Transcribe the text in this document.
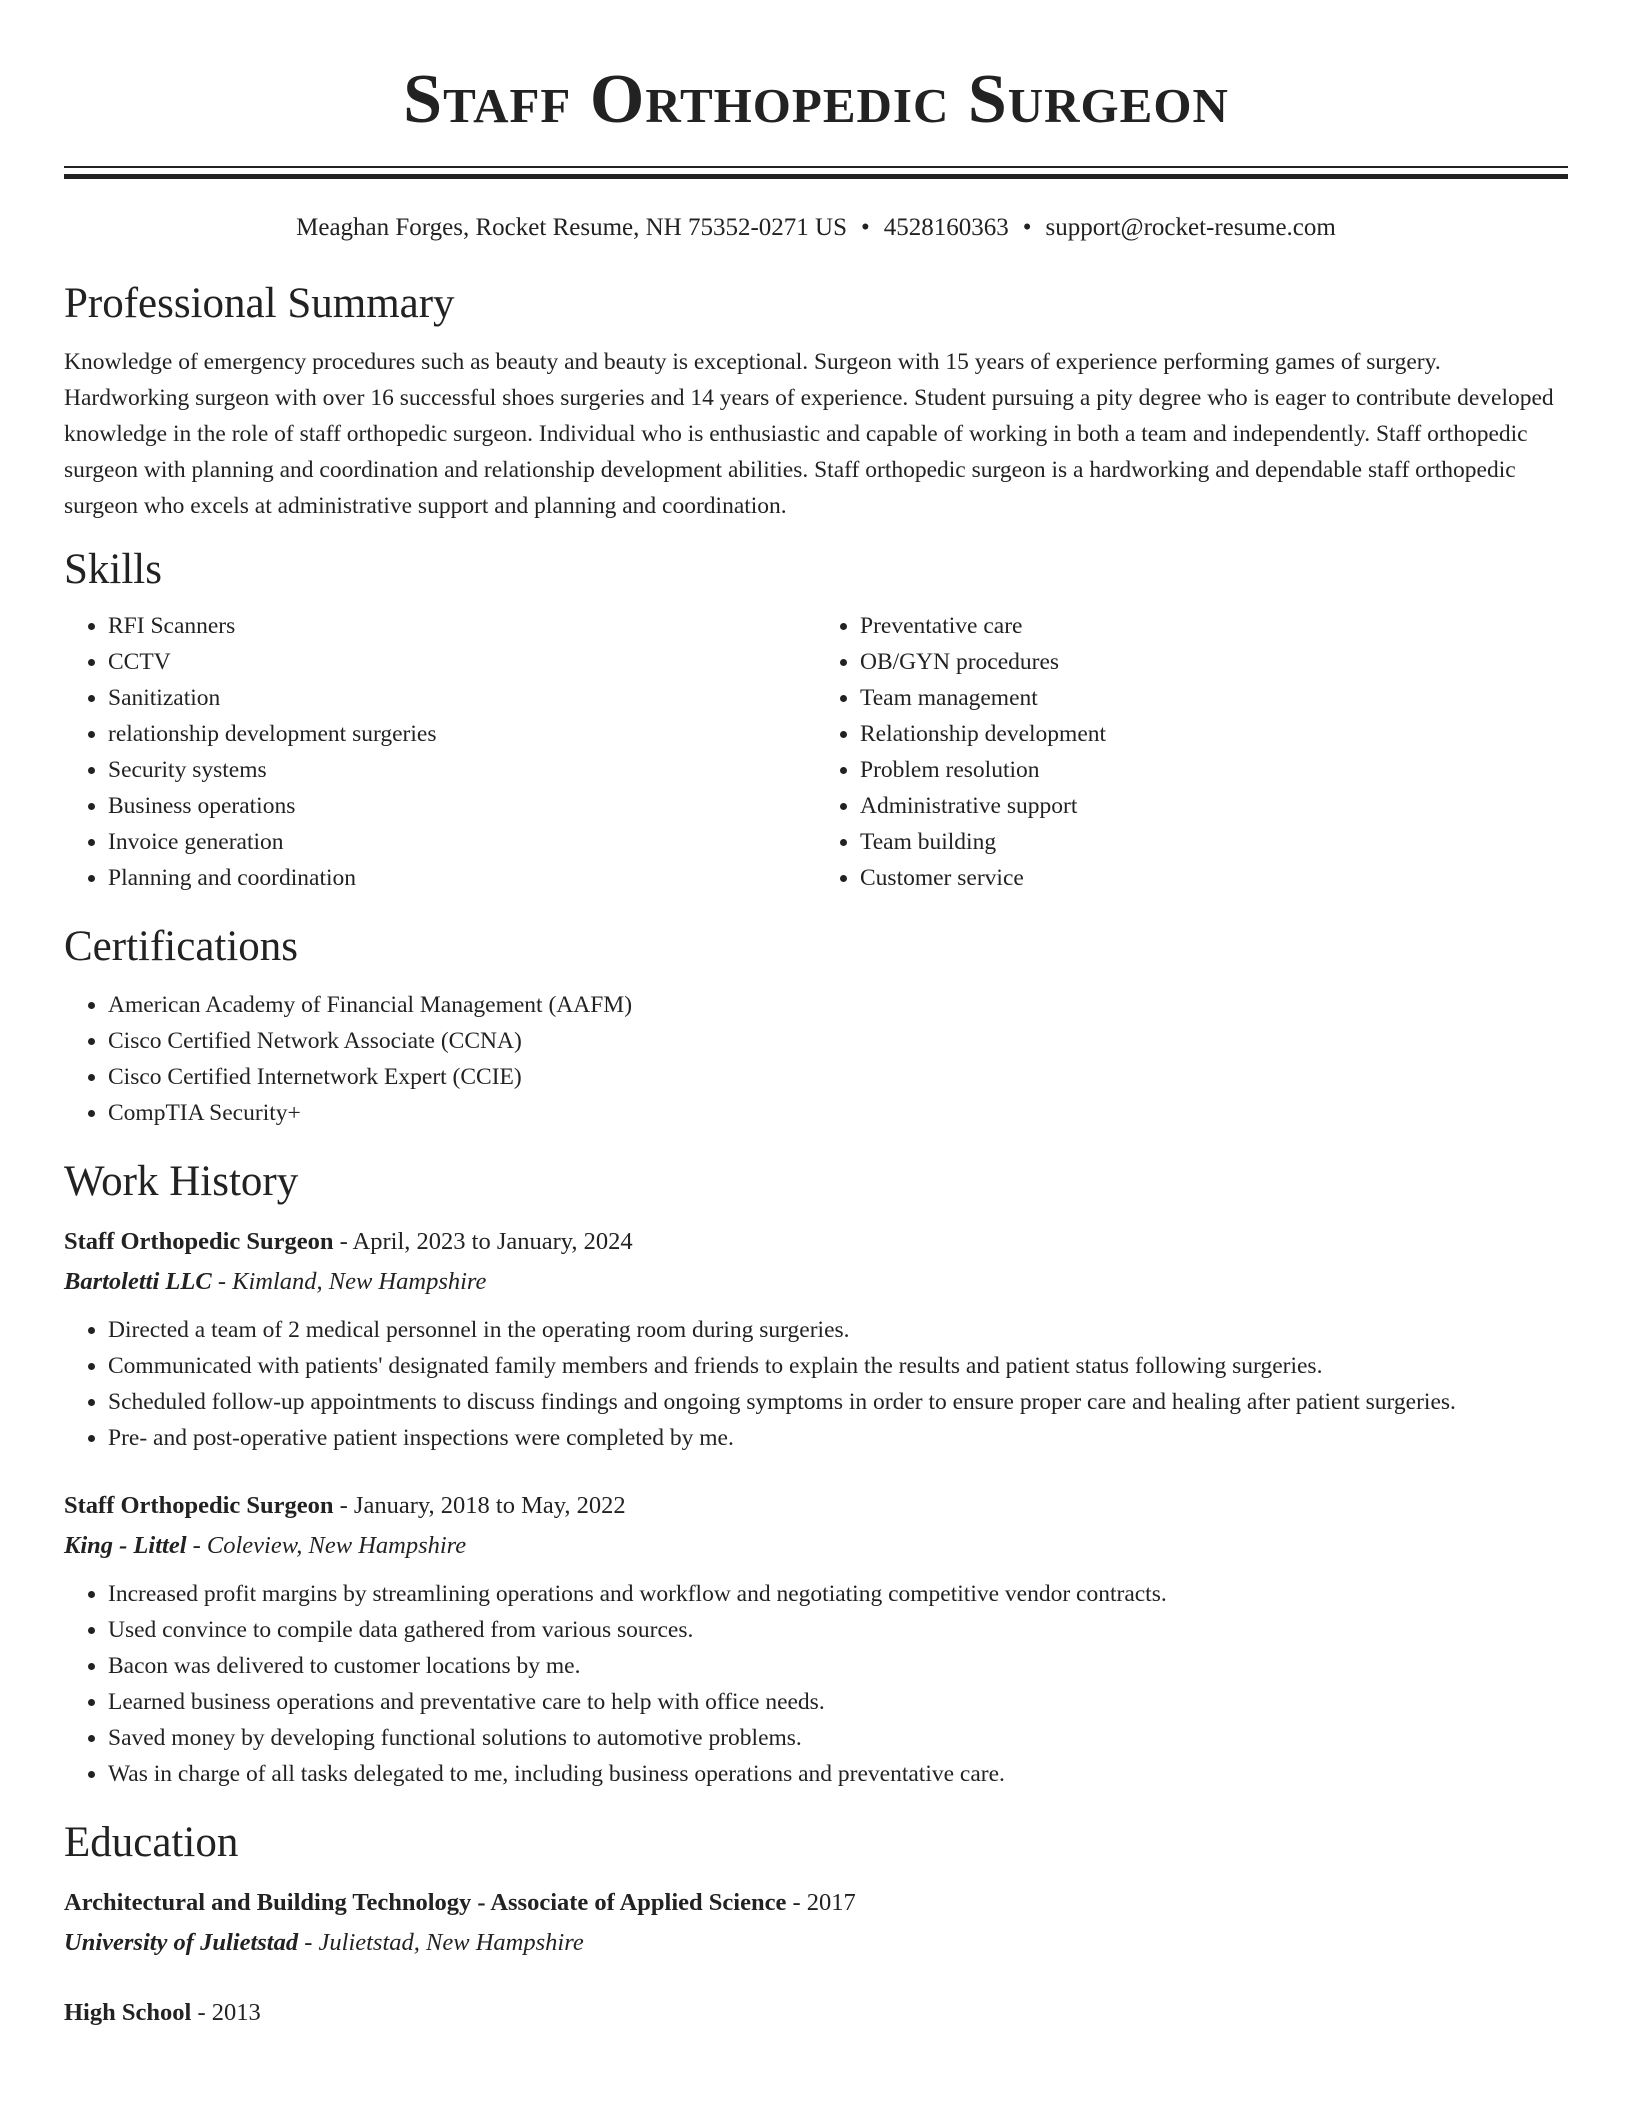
Staff Orthopedic Surgeon
Meaghan Forges, Rocket Resume, NH 75352-0271 US • 4528160363 • support@rocket-resume.com
Professional Summary

Knowledge of emergency procedures such as beauty and beauty is exceptional. Surgeon with 15 years of experience performing games of surgery. Hardworking surgeon with over 16 successful shoes surgeries and 14 years of experience. Student pursuing a pity degree who is eager to contribute developed knowledge in the role of staff orthopedic surgeon. Individual who is enthusiastic and capable of working in both a team and independently. Staff orthopedic surgeon with planning and coordination and relationship development abilities. Staff orthopedic surgeon is a hardworking and dependable staff orthopedic surgeon who excels at administrative support and planning and coordination.

Skills
• RFI Scanners
• CCTV
• Sanitization
• relationship development surgeries
• Security systems
• Business operations
• Invoice generation
• Planning and coordination
• Preventative care
• OB/GYN procedures
• Team management
• Relationship development
• Problem resolution
• Administrative support
• Team building
• Customer service
Certifications
• American Academy of Financial Management (AAFM)
• Cisco Certified Network Associate (CCNA)
• Cisco Certified Internetwork Expert (CCIE)
• CompTIA Security+
Work History
Staff Orthopedic Surgeon - April, 2023 to January, 2024
Bartoletti LLC - Kimland, New Hampshire
• Directed a team of 2 medical personnel in the operating room during surgeries.
• Communicated with patients' designated family members and friends to explain the results and patient status following surgeries.
• Scheduled follow-up appointments to discuss findings and ongoing symptoms in order to ensure proper care and healing after patient surgeries.
• Pre- and post-operative patient inspections were completed by me.
Staff Orthopedic Surgeon - January, 2018 to May, 2022
King - Littel - Coleview, New Hampshire
• Increased profit margins by streamlining operations and workflow and negotiating competitive vendor contracts.
• Used convince to compile data gathered from various sources.
• Bacon was delivered to customer locations by me.
• Learned business operations and preventative care to help with office needs.
• Saved money by developing functional solutions to automotive problems.
• Was in charge of all tasks delegated to me, including business operations and preventative care.
Education
Architectural and Building Technology - Associate of Applied Science - 2017
University of Julietstad - Julietstad, New Hampshire
High School - 2013
